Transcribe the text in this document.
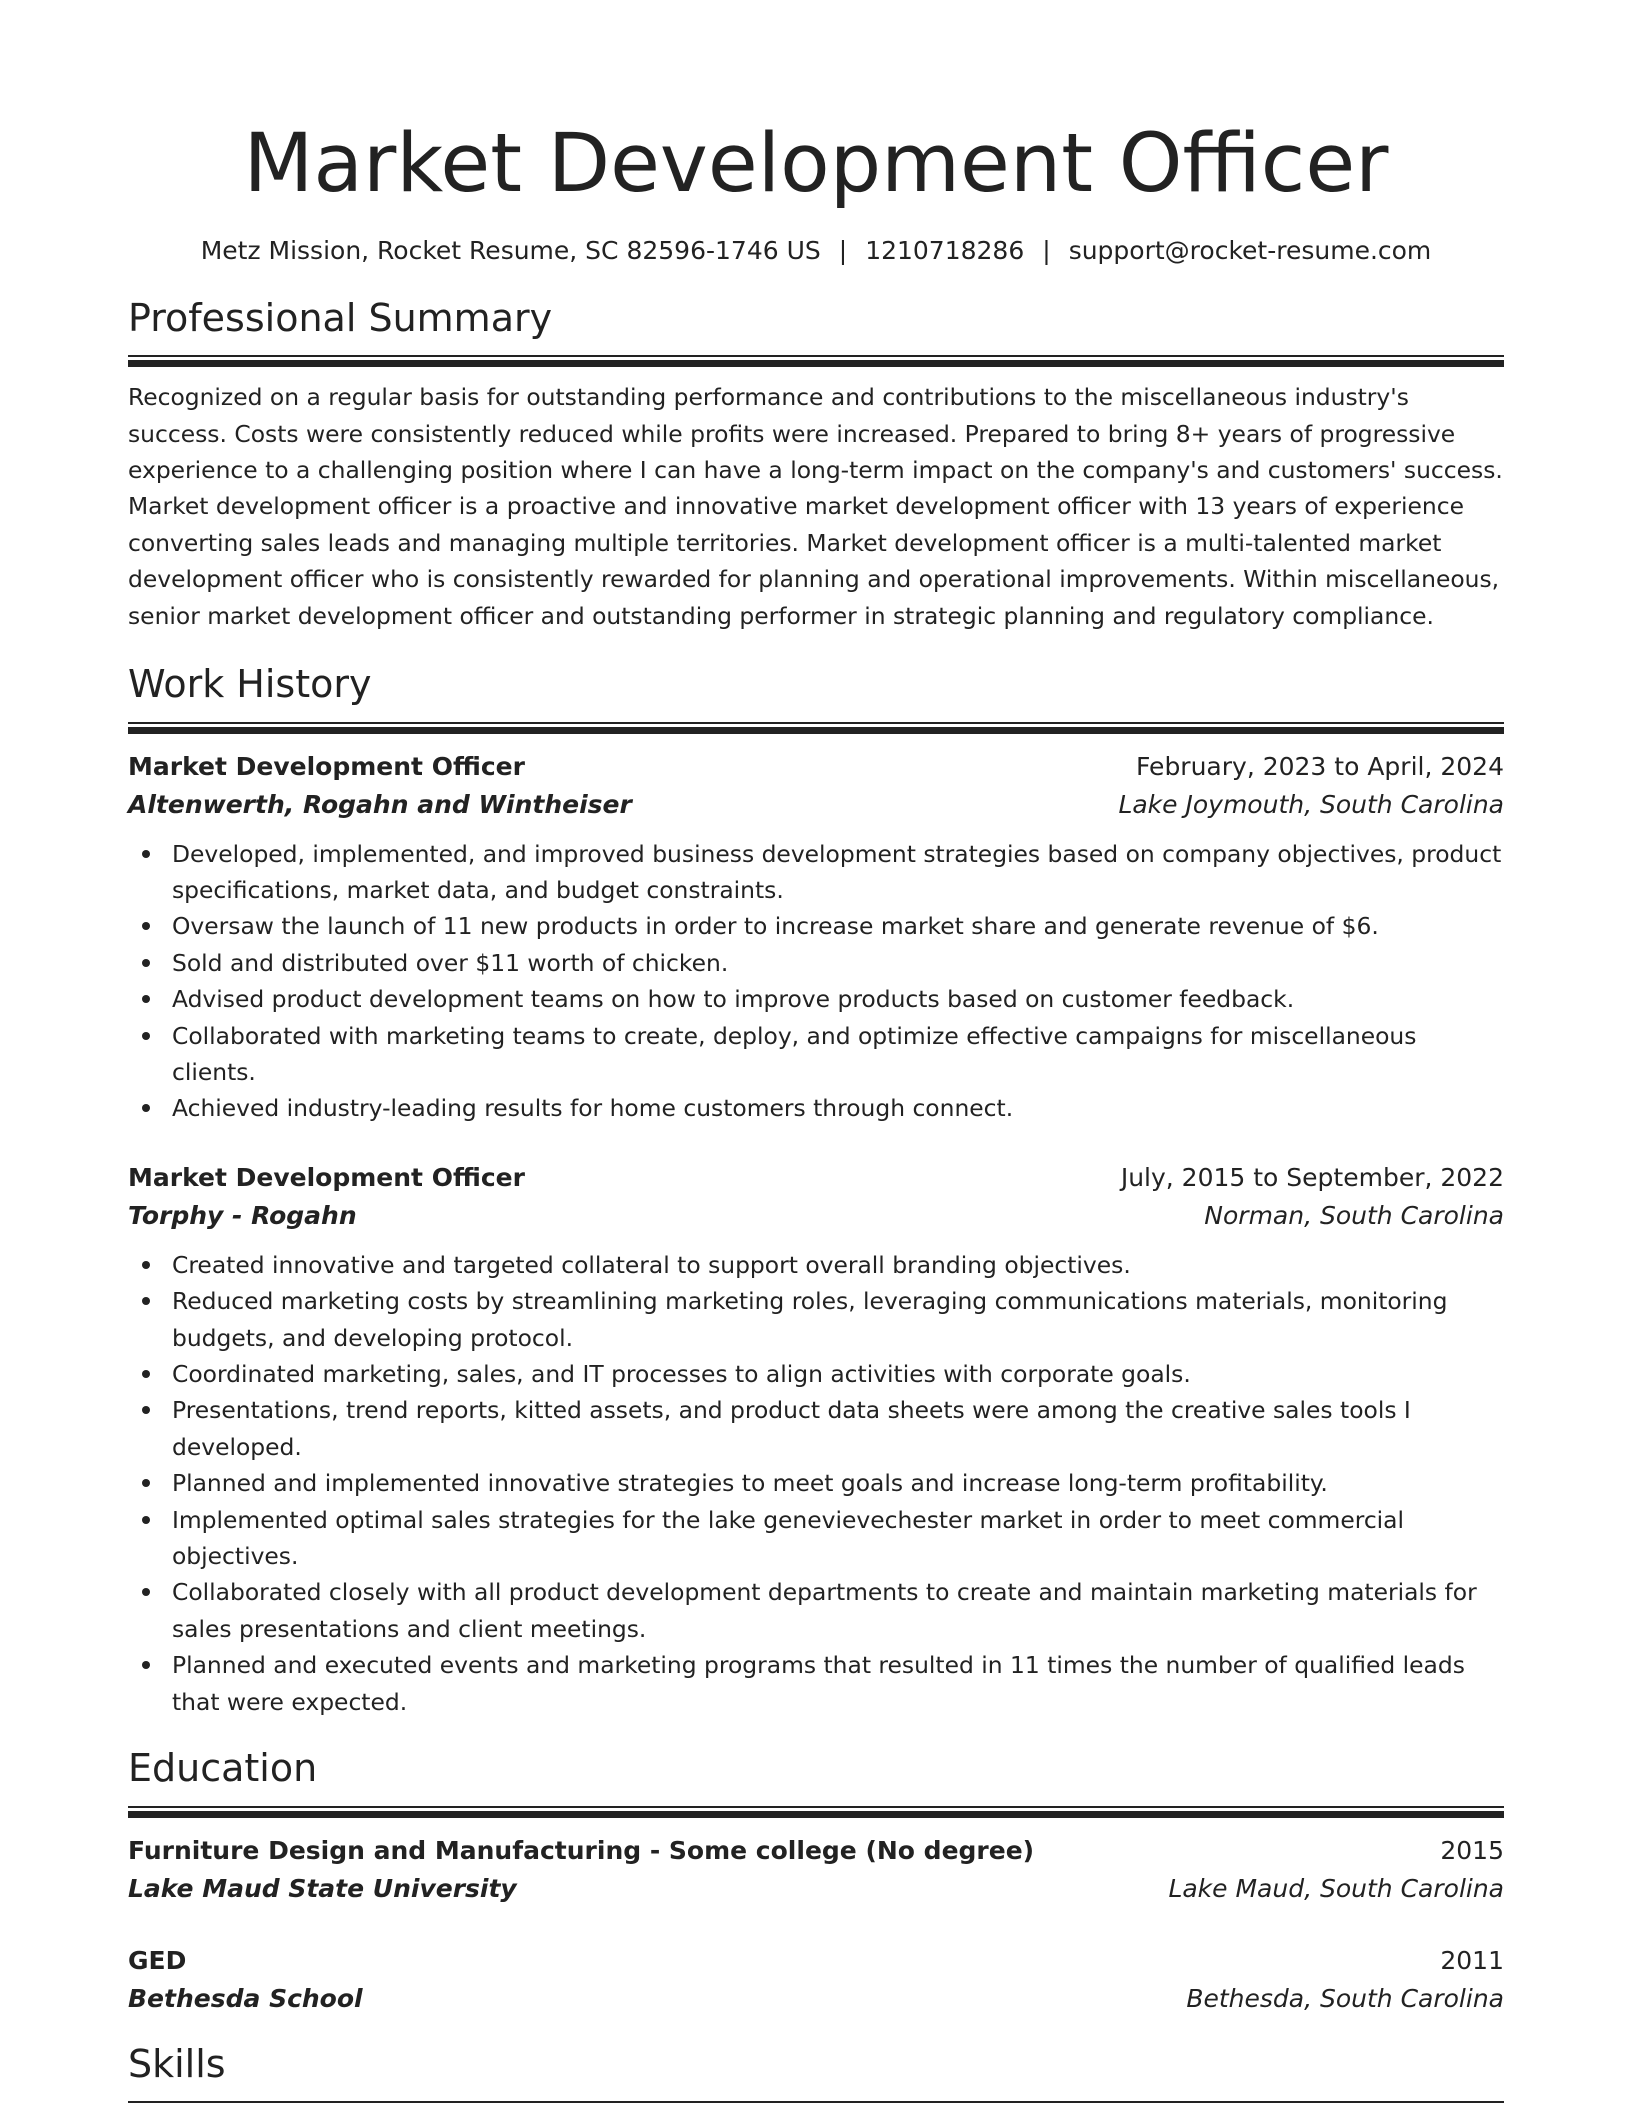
Market Development Officer
Metz Mission, Rocket Resume, SC 82596-1746 US | 1210718286 | support@rocket-resume.com
Professional Summary

Recognized on a regular basis for outstanding performance and contributions to the miscellaneous industry's success. Costs were consistently reduced while profits were increased. Prepared to bring 8+ years of progressive experience to a challenging position where I can have a long-term impact on the company's and customers' success. Market development officer is a proactive and innovative market development officer with 13 years of experience converting sales leads and managing multiple territories. Market development officer is a multi-talented market development officer who is consistently rewarded for planning and operational improvements. Within miscellaneous, senior market development officer and outstanding performer in strategic planning and regulatory compliance.

Work History
Market Development Officer	February, 2023 to April, 2024
Altenwerth, Rogahn and Wintheiser	Lake Joymouth, South Carolina
Developed, implemented, and improved business development strategies based on company objectives, product specifications, market data, and budget constraints.
Oversaw the launch of 11 new products in order to increase market share and generate revenue of $6.
Sold and distributed over $11 worth of chicken.
Advised product development teams on how to improve products based on customer feedback.
Collaborated with marketing teams to create, deploy, and optimize effective campaigns for miscellaneous clients.
Achieved industry-leading results for home customers through connect.
Market Development Officer	July, 2015 to September, 2022
Torphy - Rogahn	Norman, South Carolina
Created innovative and targeted collateral to support overall branding objectives.
Reduced marketing costs by streamlining marketing roles, leveraging communications materials, monitoring budgets, and developing protocol.
Coordinated marketing, sales, and IT processes to align activities with corporate goals.
Presentations, trend reports, kitted assets, and product data sheets were among the creative sales tools I developed.
Planned and implemented innovative strategies to meet goals and increase long-term profitability.
Implemented optimal sales strategies for the lake genevievechester market in order to meet commercial objectives.
Collaborated closely with all product development departments to create and maintain marketing materials for sales presentations and client meetings.
Planned and executed events and marketing programs that resulted in 11 times the number of qualified leads that were expected.
Education
Furniture Design and Manufacturing - Some college (No degree)	2015
Lake Maud State University	Lake Maud, South Carolina
GED	2011
Bethesda School	Bethesda, South Carolina
Skills
